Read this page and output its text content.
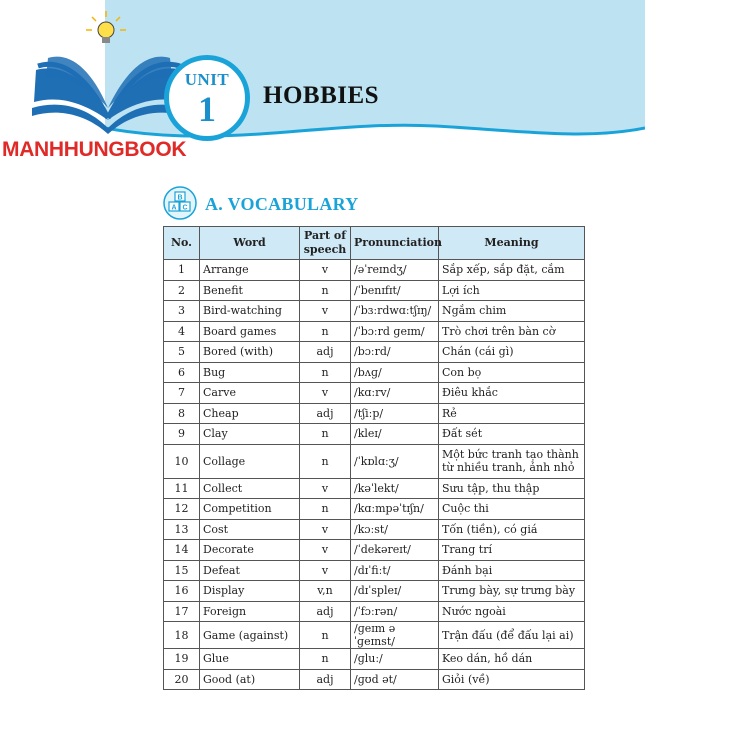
MANHHUNGBOOK
UNIT
1	HOBBIES
B
A C A. VOCABULARY
No.	Word	Part of speech	Pronunciation	Meaning
1	Arrange	v	/əˈreɪndʒ/	Sắp xếp, sắp đặt, cắm
2	Benefit	n	/ˈbenɪfɪt/	Lợi ích
3	Bird-watching	v	/ˈbɜːrdwɑːtʃɪŋ/	Ngắm chim
4	Board games	n	/ˈbɔːrd ɡeɪm/	Trò chơi trên bàn cờ
5	Bored (with)	adj	/bɔːrd/	Chán (cái gì)
6	Bug	n	/bʌɡ/	Con bọ
7	Carve	v	/kɑːrv/	Điêu khắc
8	Cheap	adj	/tʃiːp/	Rẻ
9	Clay	n	/kleɪ/	Đất sét
10	Collage	n	/ˈkɒlɑːʒ/	Một bức tranh tạo thành từ nhiều tranh, ảnh nhỏ
11	Collect	v	/kəˈlekt/	Sưu tập, thu thập
12	Competition	n	/kɑːmpəˈtɪʃn/	Cuộc thi
13	Cost	v	/kɔːst/	Tốn (tiền), có giá
14	Decorate	v	/ˈdekəreɪt/	Trang trí
15	Defeat	v	/dɪˈfiːt/	Đánh bại
16	Display	v,n	/dɪˈspleɪ/	Trưng bày, sự trưng bày
17	Foreign	adj	/ˈfɔːrən/	Nước ngoài
18	Game (against)	n	/ɡeɪm əˈɡeɪnst/	Trận đấu (để đấu lại ai)
19	Glue	n	/ɡluː/	Keo dán, hồ dán
20	Good (at)	adj	/ɡʊd ət/	Giỏi (về)
